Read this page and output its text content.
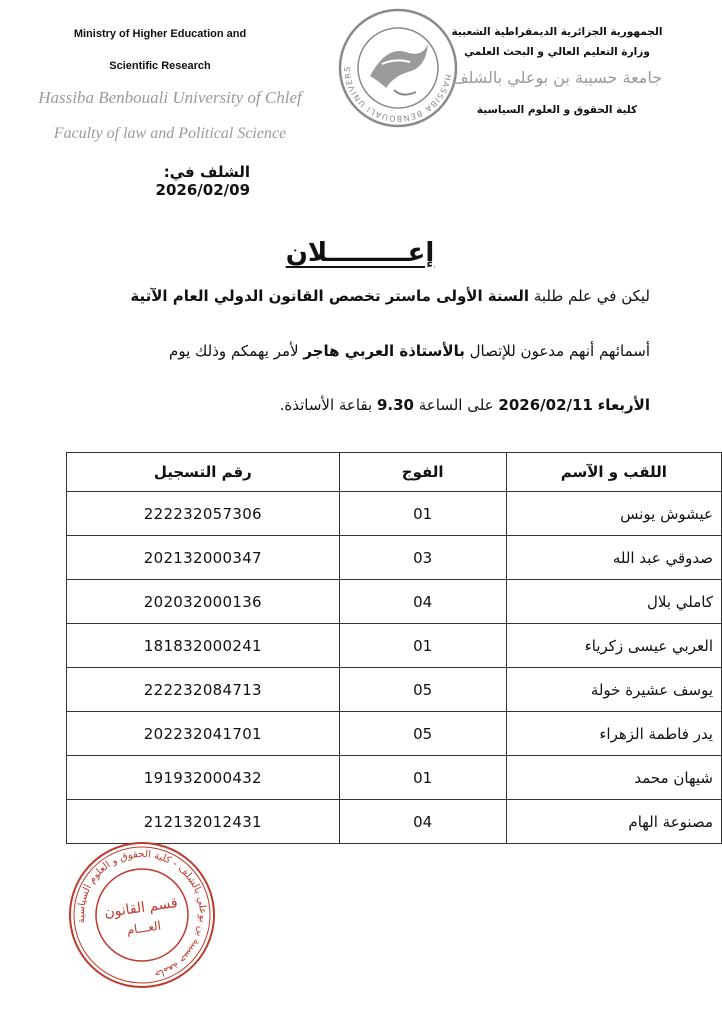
Ministry of Higher Education and
Scientific Research
Hassiba Benbouali University of Chlef
Faculty of law and Political Science
HASSIBA BENBOUALI UNIVERS
الجمهورية الجزائرية الديمقراطية الشعبية
وزارة التعليم العالي و البحث العلمي
جامعة حسيبة بن بوعلي بالشلف
كلية الحقوق و العلوم السياسية
الشلف في: 2026/02/09
إعـــــــــلان
ليكن في علم طلبة السنة الأولى ماستر تخصص القانون الدولي العام الآتية
أسمائهم أنهم مدعون للإتصال بالأستاذة العربي هاجر لأمر يهمكم وذلك يوم
الأربعاء 2026/02/11 على الساعة 9.30 بقاعة الأساتذة.
رقم التسجيل	الفوج	اللقب و الآسم
222232057306	01	عيشوش يونس
202132000347	03	صدوقي عبد الله
202032000136	04	كاملي بلال
181832000241	01	العربي عيسى زكرياء
222232084713	05	يوسف عشيرة خولة
202232041701	05	يدر فاطمة الزهراء
191932000432	01	شيهان محمد
212132012431	04	مصنوعة الهام
جامعة حسيبة بن بوعلي بالشلف - كلية الحقوق و العلوم السياسية
قسم القانون
العـــام
